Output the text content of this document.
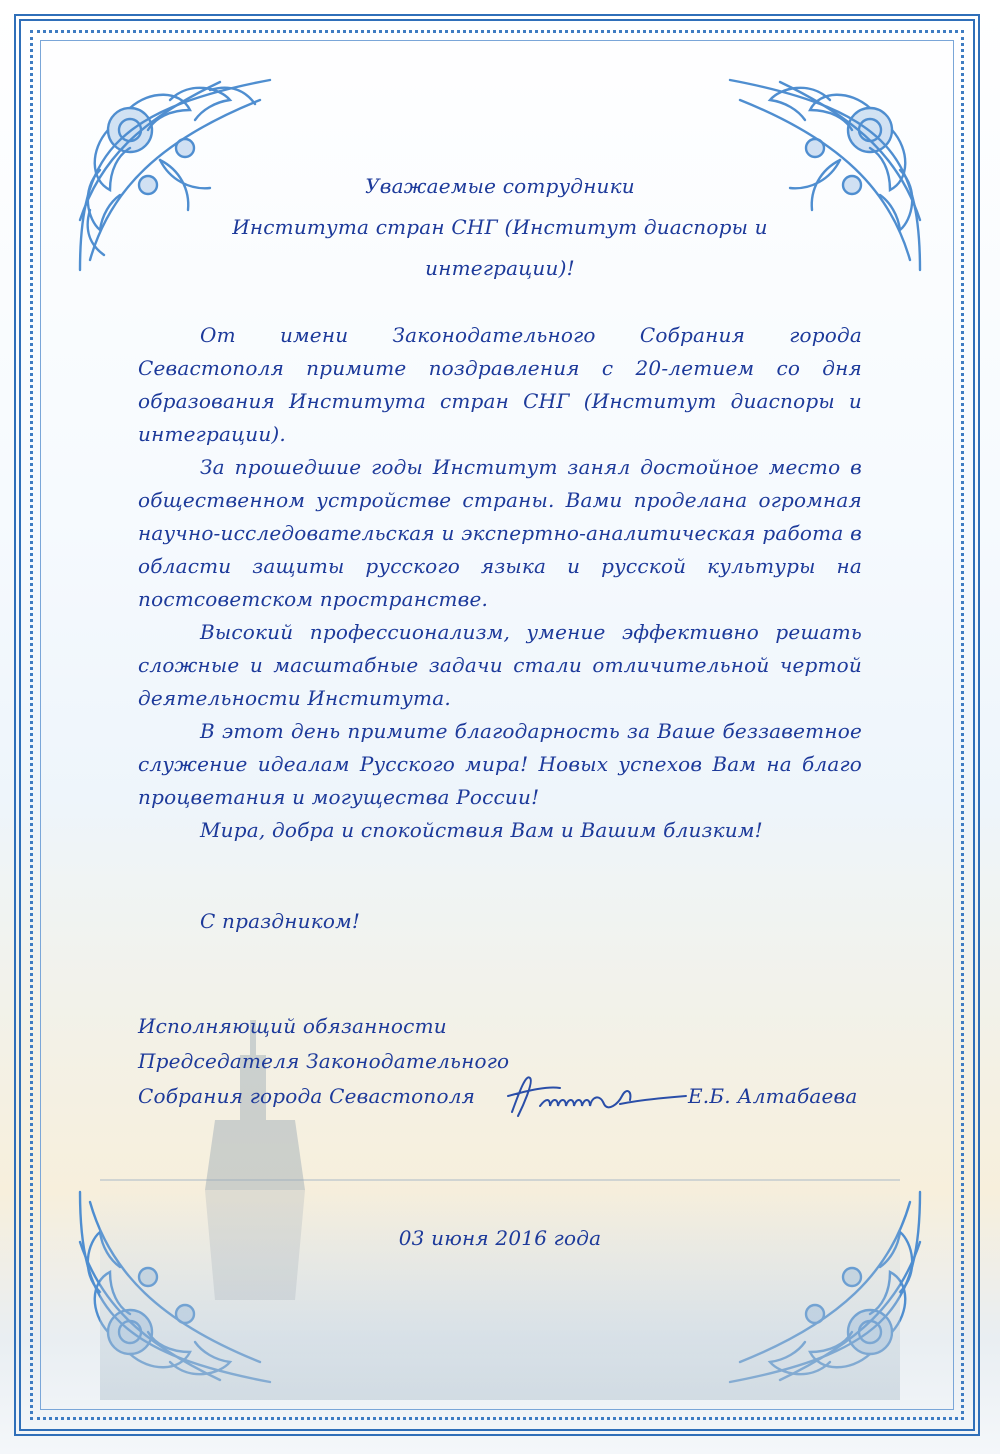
Уважаемые сотрудники
Института стран СНГ (Институт диаспоры и
интеграции)!

От имени Законодательного Собрания города Севастополя примите поздравления с 20-летием со дня образования Института стран СНГ (Институт диаспоры и интеграции).

За прошедшие годы Институт занял достойное место в общественном устройстве страны. Вами проделана огромная научно-исследовательская и экспертно-аналитическая работа в области защиты русского языка и русской культуры на постсоветском пространстве.

Высокий профессионализм, умение эффективно решать сложные и масштабные задачи стали отличительной чертой деятельности Института.

В этот день примите благодарность за Ваше беззаветное служение идеалам Русского мира! Новых успехов Вам на благо процветания и могущества России!

Мира, добра и спокойствия Вам и Вашим близким!

С праздником!
Исполняющий обязанности
Председателя Законодательного
Собрания города Севастополя	Е.Б. Алтабаева
03 июня 2016 года
